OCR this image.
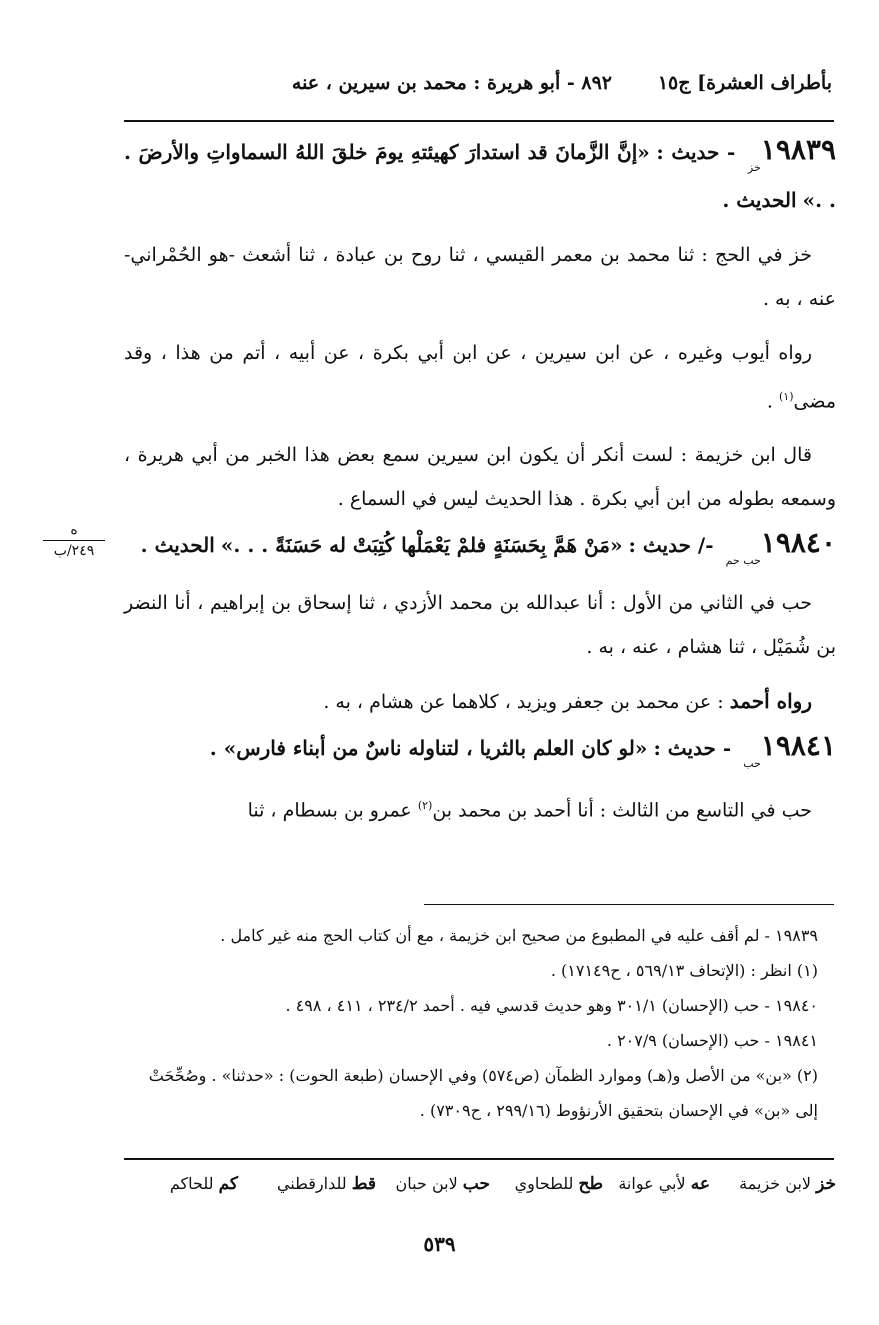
بأطراف العشرة] ج١٥
٨٩٢ - أبو هريرة : محمد بن سيرين ، عنه

$١٩٨٣٩_{خز}$ - حديث : «إنَّ الزَّمانَ قد استدارَ كهيئتهِ يومَ خلقَ اللهُ السماواتِ والأرضَ . . .» الحديث .

خز في الحج : ثنا محمد بن معمر القيسي ، ثنا روح بن عبادة ، ثنا أشعث -هو الحُمْراني- عنه ، به .

رواه أيوب وغيره ، عن ابن سيرين ، عن ابن أبي بكرة ، عن أبيه ، أتم من هذا ، وقد مضى$^{(١)}$ .

قال ابن خزيمة : لست أنكر أن يكون ابن سيرين سمع بعض هذا الخبر من أبي هريرة ، وسمعه بطوله من ابن أبي بكرة . هذا الحديث ليس في السماع .

$١٩٨٤٠_{حب حم}$ -/ حديث : «مَنْ هَمَّ بِحَسَنَةٍ فلمْ يَعْمَلْها كُتِبَتْ له حَسَنَةً . . .» الحديث .

حب في الثاني من الأول : أنا عبدالله بن محمد الأزدي ، ثنا إسحاق بن إبراهيم ، أنا النضر بن شُمَيْل ، ثنا هشام ، عنه ، به .

رواه أحمد : عن محمد بن جعفر ويزيد ، كلاهما عن هشام ، به .

$١٩٨٤١_{حب}$ - حديث : «لو كان العلم بالثريا ، لتناوله ناسٌ من أبناء فارس» .

حب في التاسع من الثالث : أنا أحمد بن محمد بن$^{(٢)}$ عمرو بن بسطام ، ثنا

ه
٢٤٩/ب

١٩٨٣٩ - لم أقف عليه في المطبوع من صحيح ابن خزيمة ، مع أن كتاب الحج منه غير كامل .

(١) انظر : (الإتحاف ٥٦٩/١٣ ، ح١٧١٤٩) .

١٩٨٤٠ - حب (الإحسان) ٣٠١/١ وهو حديث قدسي فيه . أحمد ٢٣٤/٢ ، ٤١١ ، ٤٩٨ .

١٩٨٤١ - حب (الإحسان) ٢٠٧/٩ .

(٢) «بن» من الأصل و(هـ) وموارد الظمآن (ص٥٧٤) وفي الإحسان (طبعة الحوت) : «حدثنا» . وصُحِّحَتْ إلى «بن» في الإحسان بتحقيق الأرنؤوط (٢٩٩/١٦ ، ح٧٣٠٩) .

خز لابن خزيمة
عه لأبي عوانة
طح للطحاوي
حب لابن حبان
قط للدارقطني
كم للحاكم
٥٣٩
